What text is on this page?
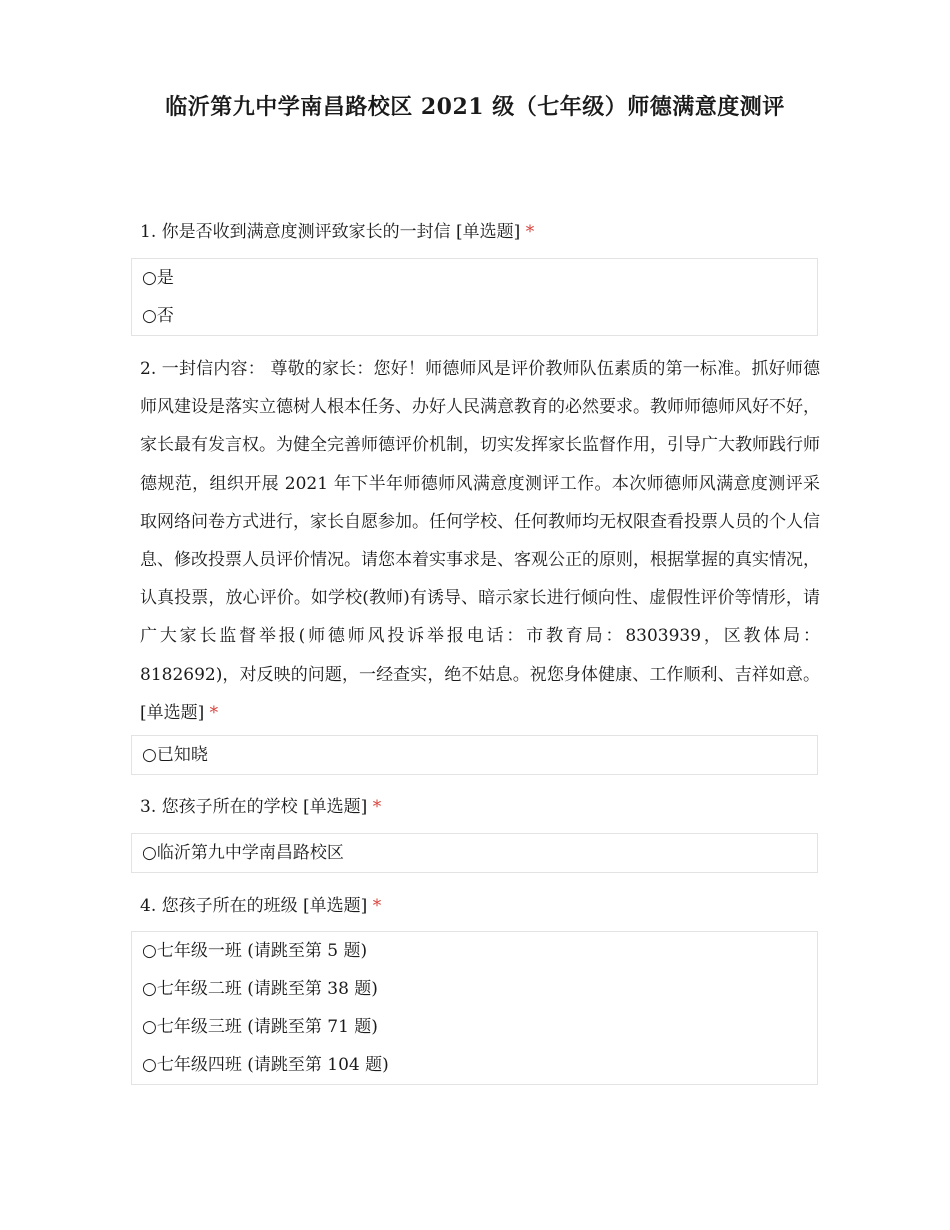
临沂第九中学南昌路校区 2021 级（七年级）师德满意度测评
1. 你是否收到满意度测评致家长的一封信 [单选题] *
○是
○否
2. 一封信内容： 尊敬的家长：您好！师德师风是评价教师队伍素质的第一标准。抓好师德师风建设是落实立德树人根本任务、办好人民满意教育的必然要求。教师师德师风好不好，家长最有发言权。为健全完善师德评价机制，切实发挥家长监督作用，引导广大教师践行师德规范，组织开展 2021 年下半年师德师风满意度测评工作。本次师德师风满意度测评采取网络问卷方式进行，家长自愿参加。任何学校、任何教师均无权限查看投票人员的个人信息、修改投票人员评价情况。请您本着实事求是、客观公正的原则，根据掌握的真实情况，认真投票，放心评价。如学校(教师)有诱导、暗示家长进行倾向性、虚假性评价等情形，请广大家长监督举报(师德师风投诉举报电话：市教育局：8303939，区教体局：8182692)，对反映的问题，一经查实，绝不姑息。祝您身体健康、工作顺利、吉祥如意。 [单选题] *
○已知晓
3. 您孩子所在的学校 [单选题] *
○临沂第九中学南昌路校区
4. 您孩子所在的班级 [单选题] *
○七年级一班 (请跳至第 5 题)
○七年级二班 (请跳至第 38 题)
○七年级三班 (请跳至第 71 题)
○七年级四班 (请跳至第 104 题)
